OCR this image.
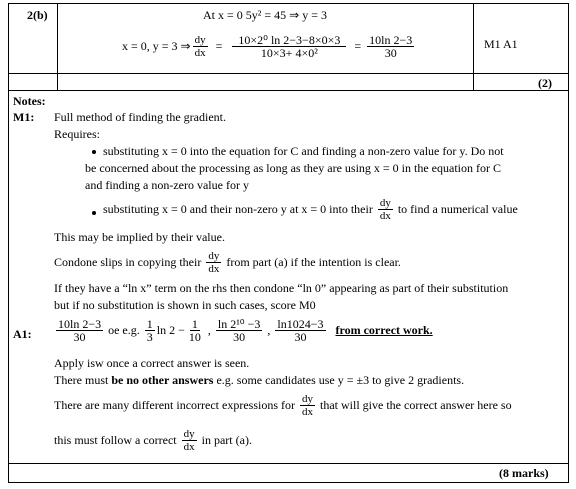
2(b)	At x = 0 5y² = 45 ⇒ y = 3
x = 0, y = 3 ⇒ $\frac{dy}{dx} = \frac{\text{10×2⁰ ln 2−3−8×0×3}}{\text{10×3+ 4×0²}} = \frac{10\ln 2-3}{30}$	M1 A1
(2)
Notes:
M1: Full method of finding the gradient.
Requires:
substituting x = 0 into the equation for C and finding a non-zero value for y. Do not
be concerned about the processing as long as they are using x = 0 in the equation for C
and finding a non-zero value for y
substituting x = 0 and their non-zero y at x = 0 into their $\frac{dy}{dx}$ to find a numerical value
This may be implied by their value.
Condone slips in copying their $\frac{dy}{dx}$ from part (a) if the intention is clear.
If they have a “ln x” term on the rhs then condone “ln 0” appearing as part of their substitution
but if no substitution is shown in such cases, score M0
A1: $\frac{10\ln 2-3}{30}$ oe e.g. $\frac{1}{3}$ $\ln 2 - \frac{1}{10}$ , $\frac{\text{ln 2¹⁰ −3}}{30}$ , $\frac{\ln 1024-3}{30}$ from correct work.
Apply isw once a correct answer is seen.
There must be no other answers e.g. some candidates use y = ±3 to give 2 gradients.
There are many different incorrect expressions for $\frac{dy}{dx}$ that will give the correct answer here so
this must follow a correct $\frac{dy}{dx}$ in part (a).
(8 marks)
